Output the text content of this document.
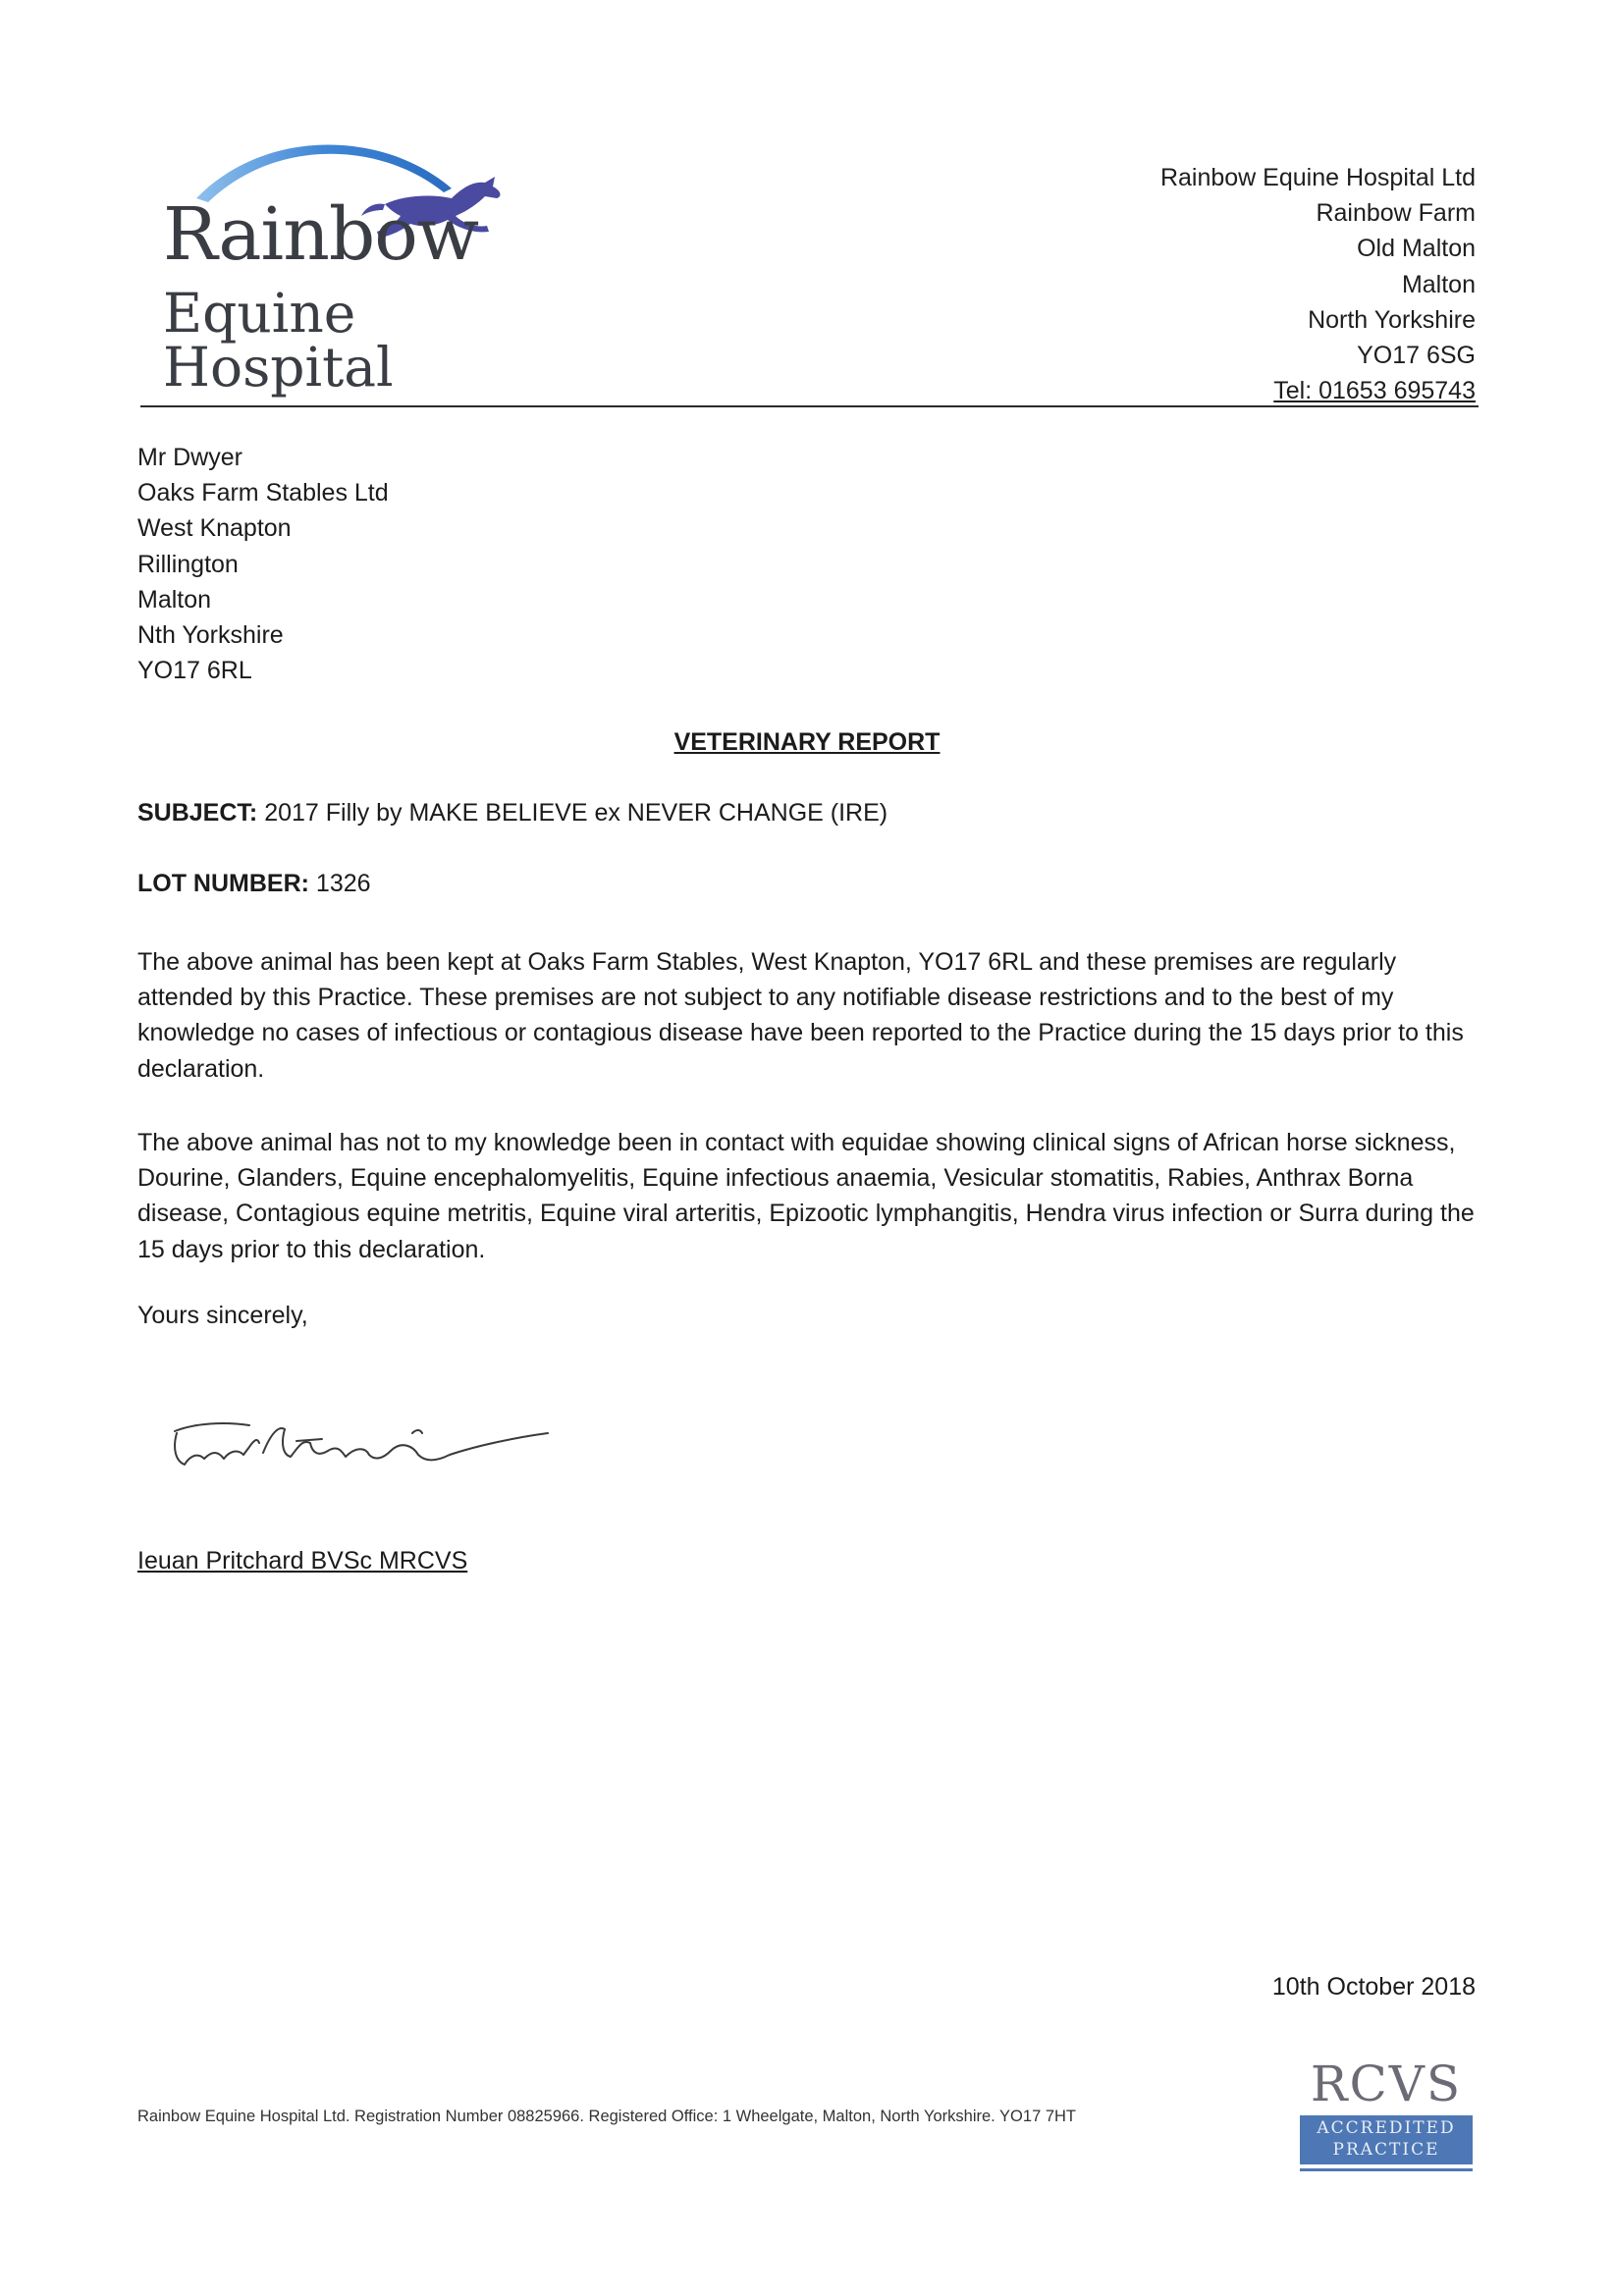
Rainbow
Equine Hospital
Rainbow Equine Hospital Ltd
Rainbow Farm
Old Malton
Malton
North Yorkshire
YO17 6SG
Tel: 01653 695743
Mr Dwyer
Oaks Farm Stables Ltd
West Knapton
Rillington
Malton
Nth Yorkshire
YO17 6RL
VETERINARY REPORT
SUBJECT: 2017 Filly by MAKE BELIEVE ex NEVER CHANGE (IRE)
LOT NUMBER: 1326

The above animal has been kept at Oaks Farm Stables, West Knapton, YO17 6RL and these premises are regularly attended by this Practice. These premises are not subject to any notifiable disease restrictions and to the best of my knowledge no cases of infectious or contagious disease have been reported to the Practice during the 15 days prior to this declaration.

The above animal has not to my knowledge been in contact with equidae showing clinical signs of African horse sickness, Dourine, Glanders, Equine encephalomyelitis, Equine infectious anaemia, Vesicular stomatitis, Rabies, Anthrax Borna disease, Contagious equine metritis, Equine viral arteritis, Epizootic lymphangitis, Hendra virus infection or Surra during the 15 days prior to this declaration.

Yours sincerely,
Ieuan Pritchard BVSc MRCVS
10th October 2018
Rainbow Equine Hospital Ltd. Registration Number 08825966. Registered Office: 1 Wheelgate, Malton, North Yorkshire. YO17 7HT
RCVS
ACCREDITED
PRACTICE
